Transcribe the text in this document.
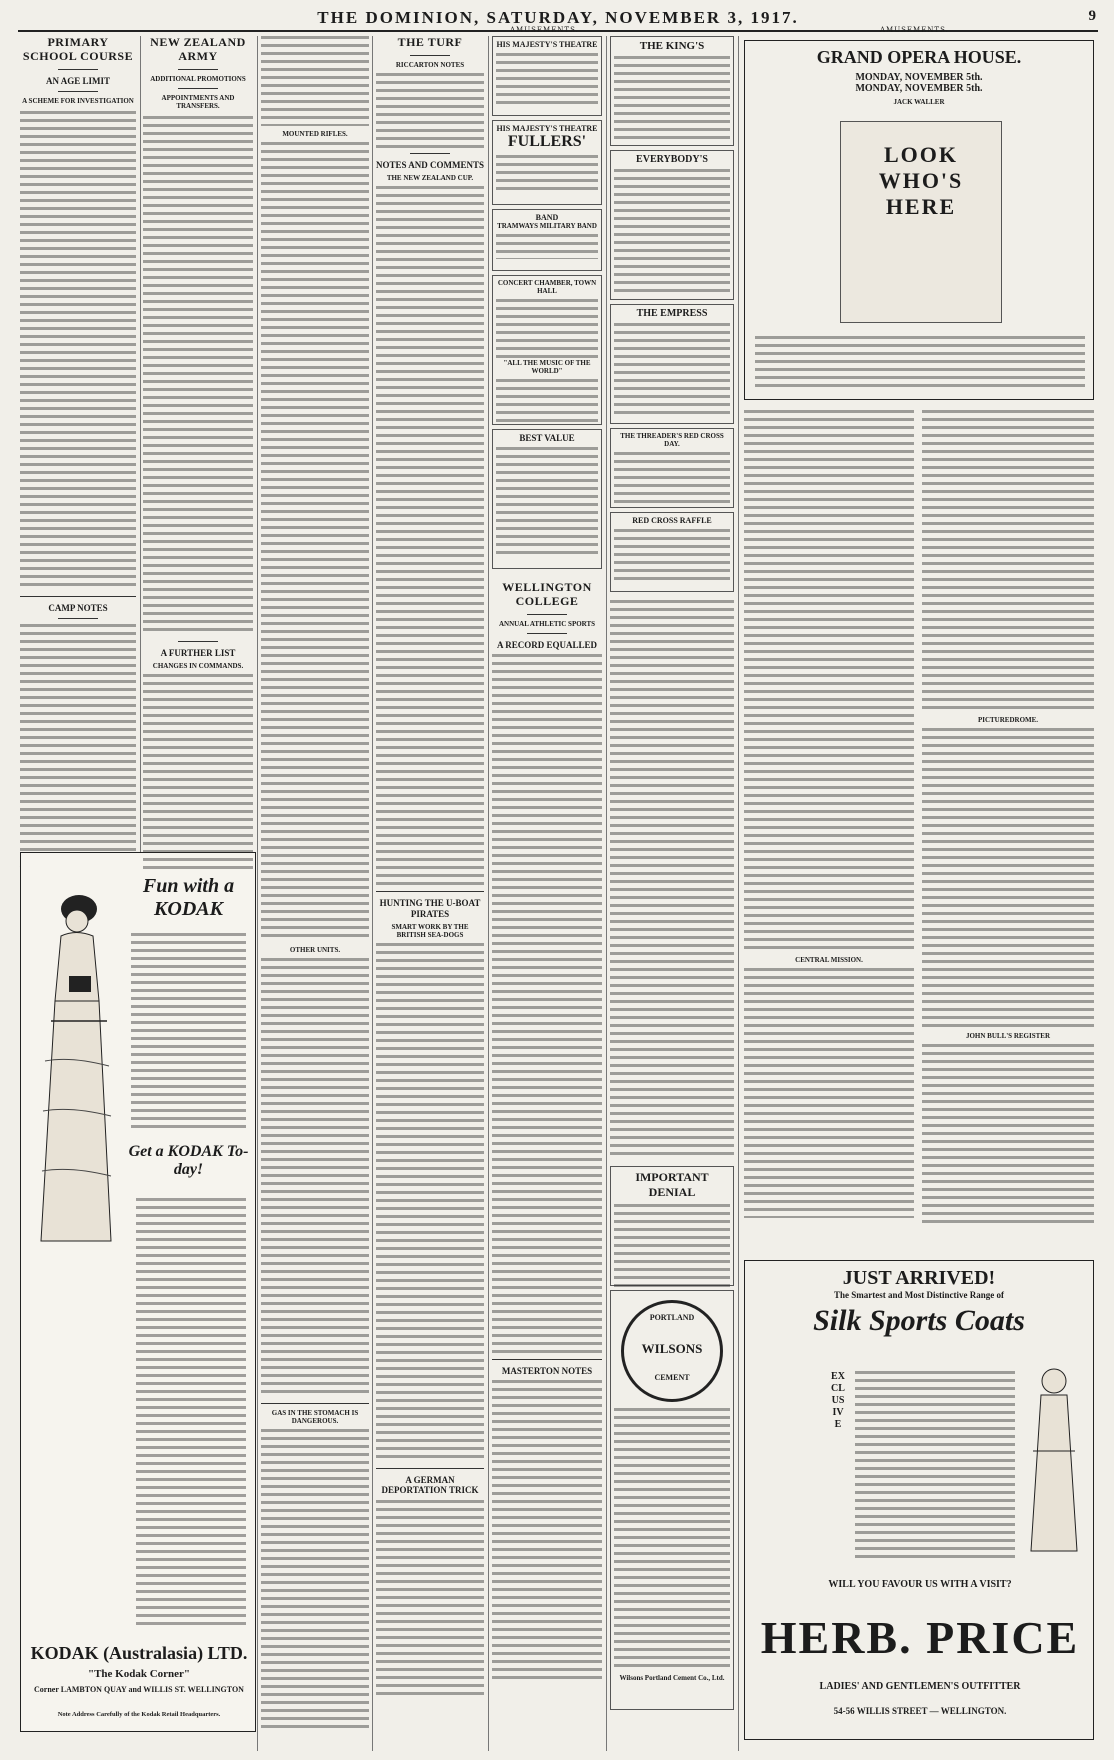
THE DOMINION, SATURDAY, NOVEMBER 3, 1917.	9
AMUSEMENTS.	AMUSEMENTS.
PRIMARY SCHOOL COURSE
AN AGE LIMIT
A SCHEME FOR INVESTIGATION
CAMP NOTES
Fun with a KODAK
Get a KODAK To-day!
KODAK (Australasia) LTD.
"The Kodak Corner"
Corner LAMBTON QUAY and WILLIS ST. WELLINGTON
Note Address Carefully of the Kodak Retail Headquarters.
NEW ZEALAND ARMY
ADDITIONAL PROMOTIONS
APPOINTMENTS AND TRANSFERS.
A FURTHER LIST
CHANGES IN COMMANDS.
MOUNTED RIFLES.
OTHER UNITS.
GAS IN THE STOMACH IS DANGEROUS.
THE TURF
RICCARTON NOTES
NOTES AND COMMENTS
THE NEW ZEALAND CUP.
HUNTING THE U-BOAT PIRATES
SMART WORK BY THE BRITISH SEA-DOGS
A GERMAN DEPORTATION TRICK
HIS MAJESTY'S THEATRE
HIS MAJESTY'S THEATRE
FULLERS'
BAND
TRAMWAYS MILITARY BAND
CONCERT CHAMBER, TOWN HALL
"ALL THE MUSIC OF THE WORLD"
BEST VALUE
WELLINGTON COLLEGE
ANNUAL ATHLETIC SPORTS
A RECORD EQUALLED
MASTERTON NOTES
THE KING'S
EVERYBODY'S
THE EMPRESS
THE THREADER'S RED CROSS DAY.
RED CROSS RAFFLE
IMPORTANT DENIAL
PORTLAND
WILSONS
CEMENT
Wilsons Portland Cement Co., Ltd.
GRAND OPERA HOUSE.
MONDAY, NOVEMBER 5th.
MONDAY, NOVEMBER 5th.
JACK WALLER
LOOK WHO'S HERE
CENTRAL MISSION.
PICTUREDROME.
JOHN BULL'S REGISTER
JUST ARRIVED!
The Smartest and Most Distinctive Range of
Silk Sports Coats
EXCLUSIVE
WILL YOU FAVOUR US WITH A VISIT?
HERB. PRICE
LADIES' AND GENTLEMEN'S OUTFITTER
54-56 WILLIS STREET — WELLINGTON.
